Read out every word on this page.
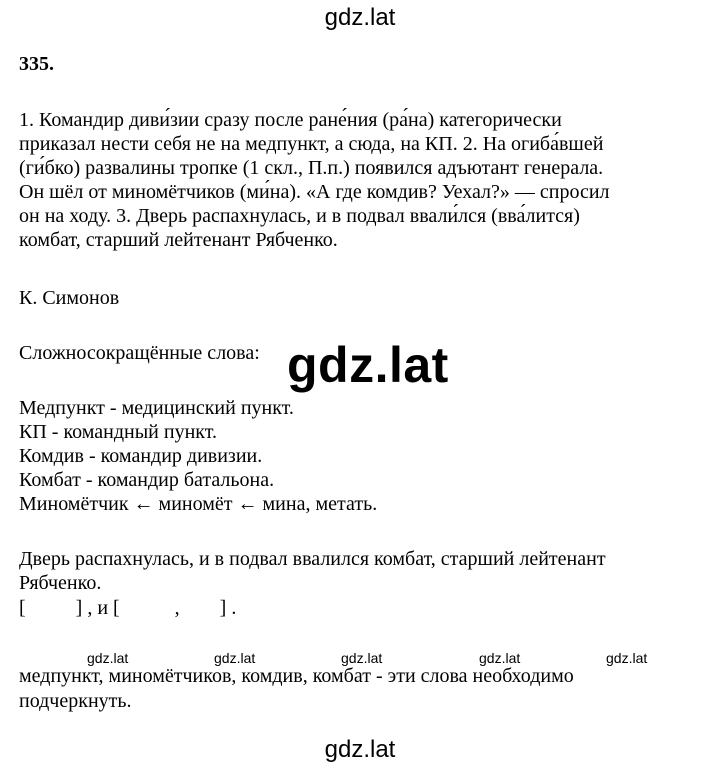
gdz.lat
335.
1. Командир диви́зии сразу после ране́ния (ра́на) категорически
приказал нести себя не на медпункт, а сюда, на КП. 2. На огиба́вшей
(ги́бко) развалины тропке (1 скл., П.п.) появился адъютант генерала.
Он шёл от миномётчиков (ми́на). «А где комдив? Уехал?» — спросил
он на ходу. 3. Дверь распахнулась, и в подвал ввали́лся (вва́лится)
комбат, старший лейтенант Рябченко.
К. Симонов
Сложносокращённые слова: gdz.lat
Медпункт - медицинский пункт.
КП - командный пункт.
Комдив - командир дивизии.
Комбат - командир батальона.
Миномётчик ← миномёт ← мина, метать.
Дверь распахнулась, и в подвал ввалился комбат, старший лейтенант
Рябченко.
[          ] , и [           ,        ] .
gdz.lat	gdz.lat	gdz.lat	gdz.lat	gdz.lat
медпункт, миномётчиков, комдив, комбат - эти слова необходимо
подчеркнуть.
gdz.lat
